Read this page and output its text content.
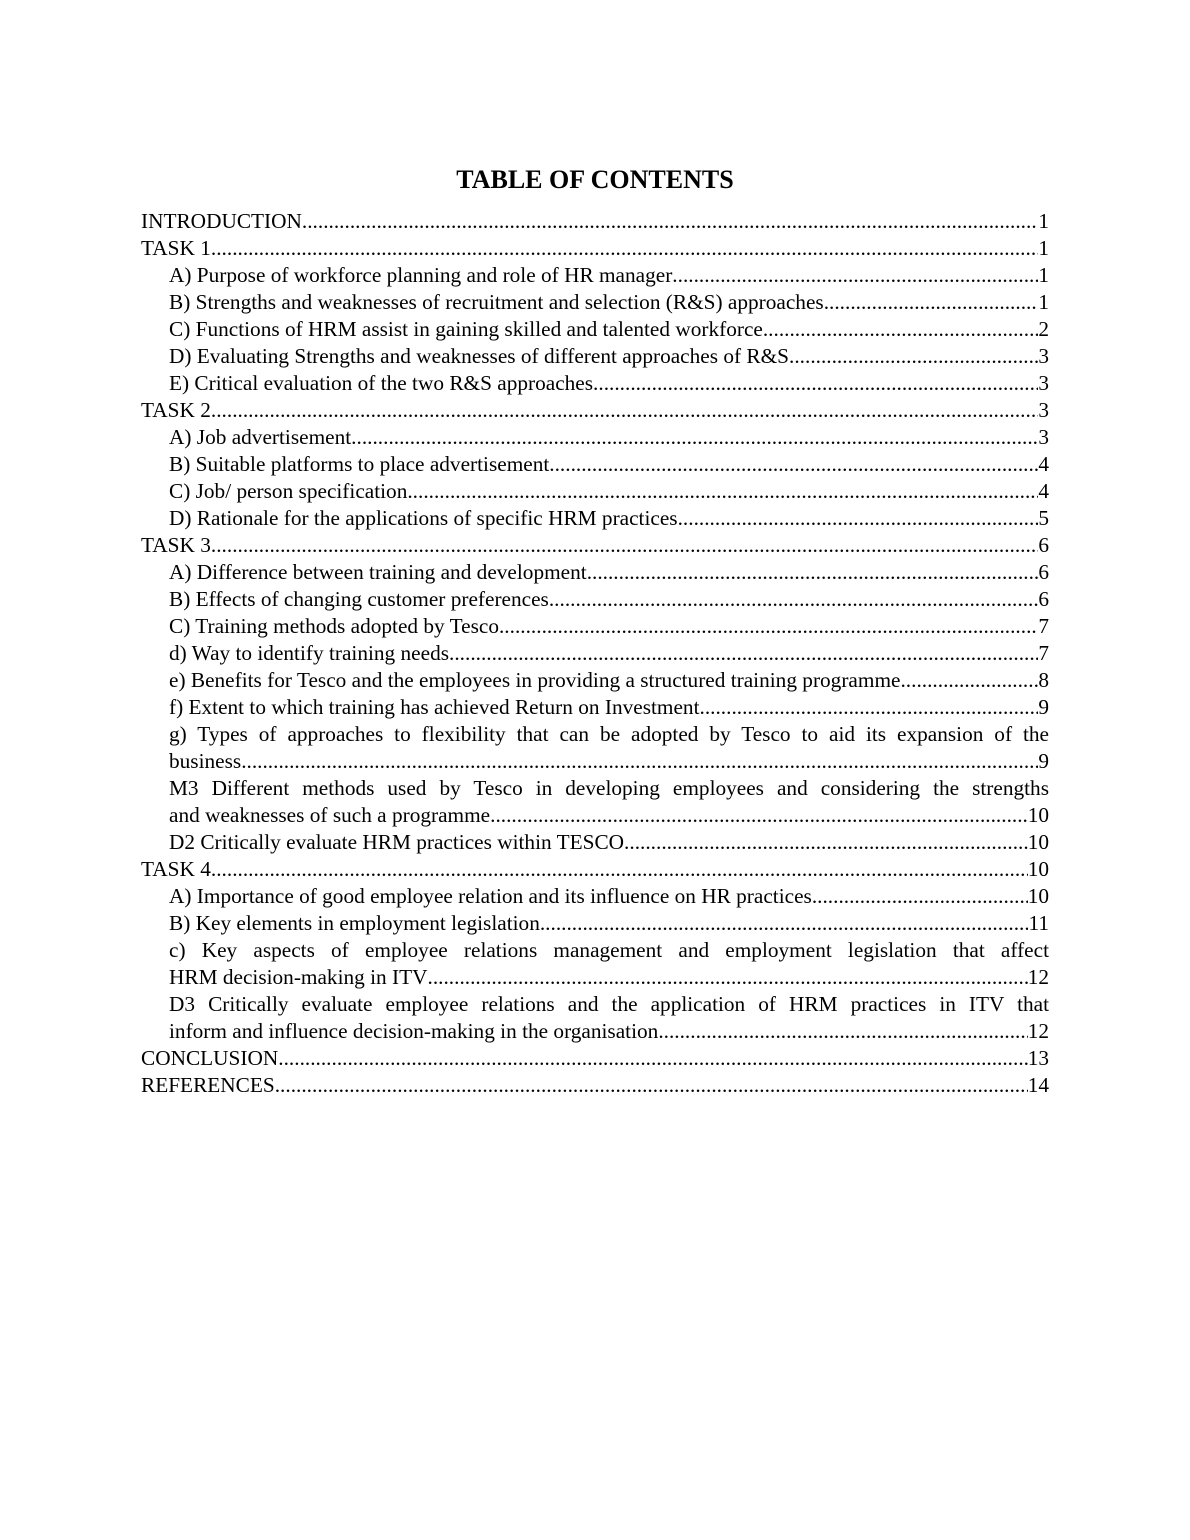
TABLE OF CONTENTS
INTRODUCTION .....	1
TASK 1 .....	1
A) Purpose of workforce planning and role of HR manager .....	1
B) Strengths and weaknesses of recruitment and selection (R&S) approaches .....	1
C) Functions of HRM assist in gaining skilled and talented workforce .....	2
D) Evaluating Strengths and weaknesses of different approaches of R&S .....	3
E) Critical evaluation of the two R&S approaches .....	3
TASK 2 .....	3
A) Job advertisement .....	3
B) Suitable platforms to place advertisement .....	4
C) Job/ person specification .....	4
D) Rationale for the applications of specific HRM practices .....	5
TASK 3 .....	6
A) Difference between training and development .....	6
B) Effects of changing customer preferences .....	6
C) Training methods adopted by Tesco .....	7
d) Way to identify training needs .....	7
e) Benefits for Tesco and the employees in providing a structured training programme .....	8
f) Extent to which training has achieved Return on Investment .....	9
g) Types of approaches to flexibility that can be adopted by Tesco to aid its expansion of the
business .....	9
M3 Different methods used by Tesco in developing employees and considering the strengths
and weaknesses of such a programme .....	10
D2 Critically evaluate HRM practices within TESCO .....	10
TASK 4 .....	10
A) Importance of good employee relation and its influence on HR practices .....	10
B) Key elements in employment legislation .....	11
c) Key aspects of employee relations management and employment legislation that affect
HRM decision-making in ITV .....	12
D3 Critically evaluate employee relations and the application of HRM practices in ITV that
inform and influence decision-making in the organisation .....	12
CONCLUSION .....	13
REFERENCES .....	14
